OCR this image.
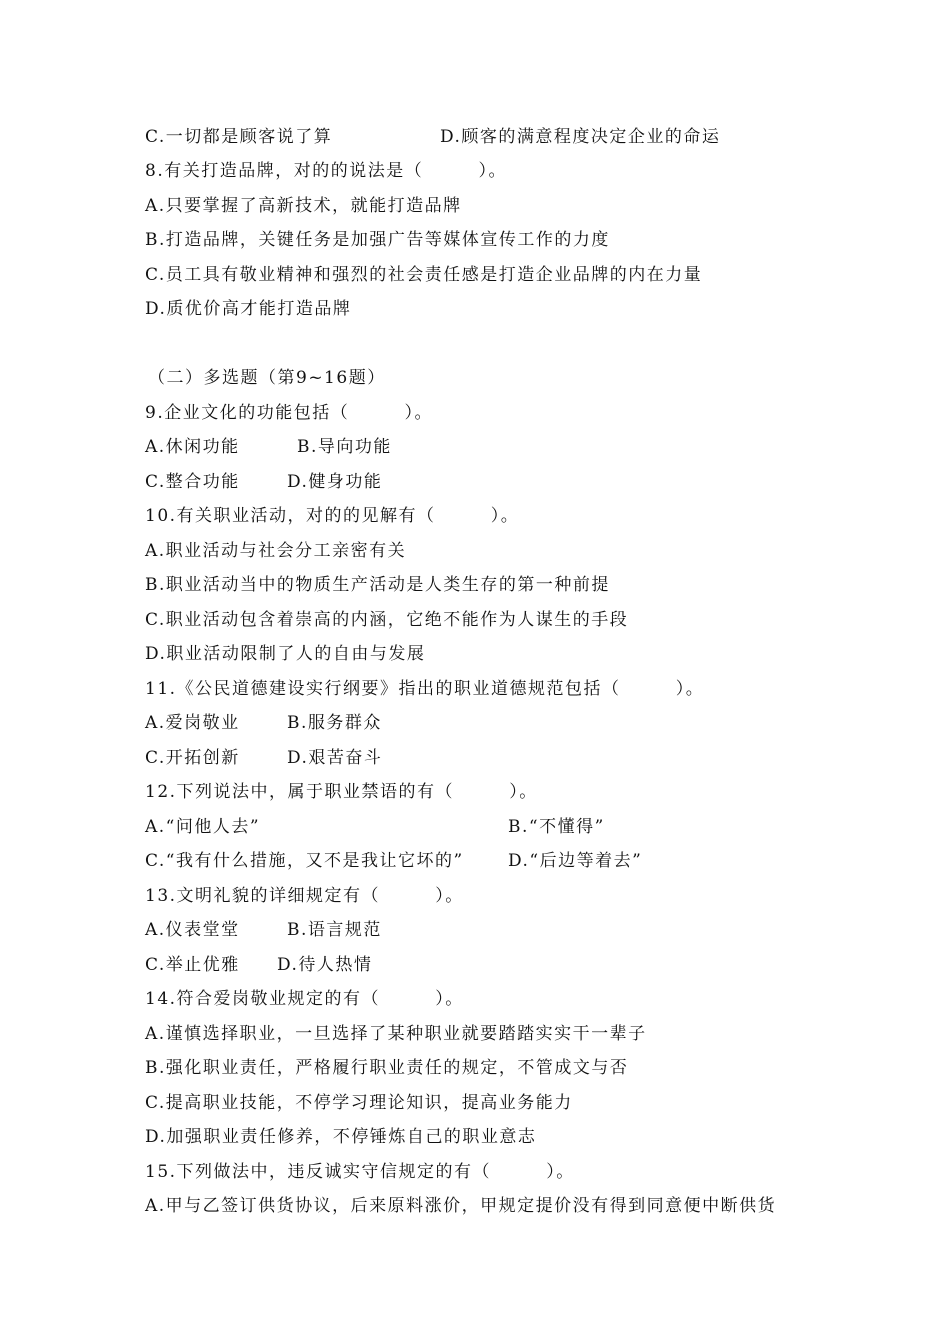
C.一切都是顾客说了算	D.顾客的满意程度决定企业的命运
8.有关打造品牌，对的的说法是（        ）。
A.只要掌握了高新技术，就能打造品牌
B.打造品牌，关键任务是加强广告等媒体宣传工作的力度
C.员工具有敬业精神和强烈的社会责任感是打造企业品牌的内在力量
D.质优价高才能打造品牌
（二）多选题（第9~16题）
9.企业文化的功能包括（        ）。
A.休闲功能	B.导向功能
C.整合功能	D.健身功能
10.有关职业活动，对的的见解有（        ）。
A.职业活动与社会分工亲密有关
B.职业活动当中的物质生产活动是人类生存的第一种前提
C.职业活动包含着崇高的内涵，它绝不能作为人谋生的手段
D.职业活动限制了人的自由与发展
11.《公民道德建设实行纲要》指出的职业道德规范包括（        ）。
A.爱岗敬业	B.服务群众
C.开拓创新	D.艰苦奋斗
12.下列说法中，属于职业禁语的有（        ）。
A.“问他人去”	B.“不懂得”
C.“我有什么措施，又不是我让它坏的”	D.“后边等着去”
13.文明礼貌的详细规定有（        ）。
A.仪表堂堂	B.语言规范
C.举止优雅 D.待人热情
14.符合爱岗敬业规定的有（        ）。
A.谨慎选择职业，一旦选择了某种职业就要踏踏实实干一辈子
B.强化职业责任，严格履行职业责任的规定，不管成文与否
C.提高职业技能，不停学习理论知识，提高业务能力
D.加强职业责任修养，不停锤炼自己的职业意志
15.下列做法中，违反诚实守信规定的有（        ）。
A.甲与乙签订供货协议，后来原料涨价，甲规定提价没有得到同意便中断供货
